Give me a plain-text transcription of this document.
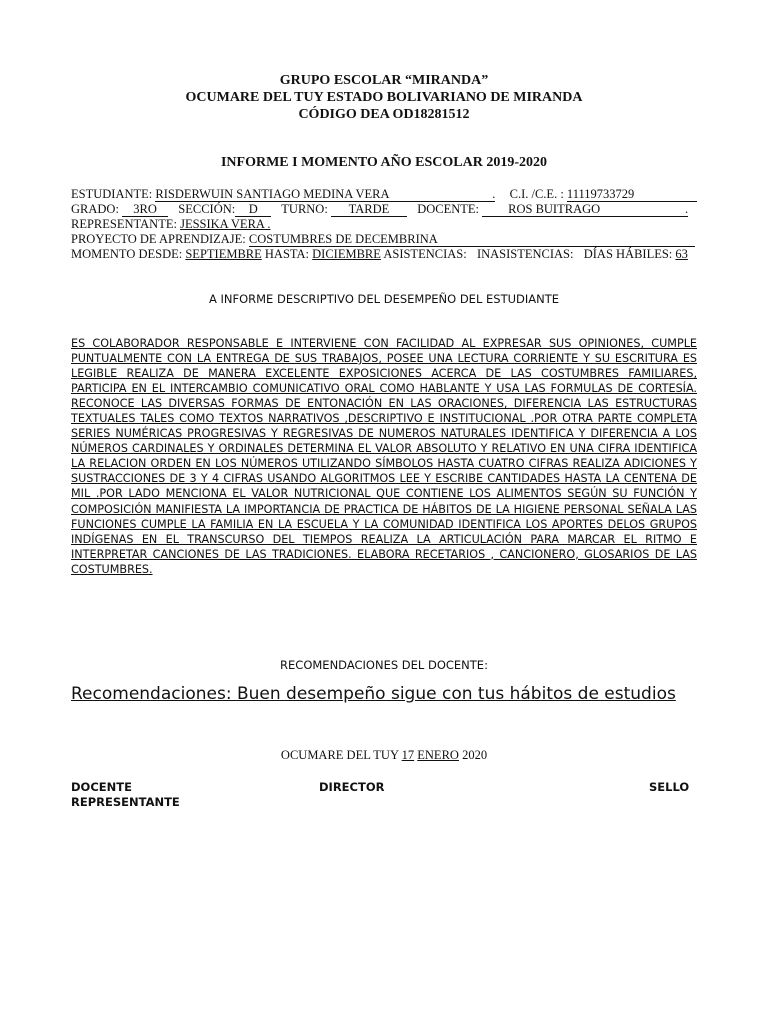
GRUPO ESCOLAR “MIRANDA”
OCUMARE DEL TUY ESTADO BOLIVARIANO DE MIRANDA
CÓDIGO DEA OD18281512
INFORME I MOMENTO AÑO ESCOLAR 2019-2020
ESTUDIANTE: RISDERWUIN SANTIAGO MEDINA VERA	. C.I. /C.E. : 11119733729
GRADO: 3RO SECCIÓN: D TURNO: TARDE DOCENTE: ROS BUITRAGO	.
REPRESENTANTE: JESSIKA VERA .
PROYECTO DE APRENDIZAJE: COSTUMBRES DE DECEMBRINA
MOMENTO DESDE: SEPTIEMBRE HASTA: DICIEMBRE ASISTENCIAS: INASISTENCIAS: DÍAS HÁBILES: 63
A INFORME DESCRIPTIVO DEL DESEMPEÑO DEL ESTUDIANTE
ES COLABORADOR RESPONSABLE E INTERVIENE CON FACILIDAD AL EXPRESAR SUS OPINIONES, CUMPLE PUNTUALMENTE CON LA ENTREGA DE SUS TRABAJOS, POSEE UNA LECTURA CORRIENTE Y SU ESCRITURA ES LEGIBLE REALIZA DE MANERA EXCELENTE EXPOSICIONES ACERCA DE LAS COSTUMBRES FAMILIARES, PARTICIPA EN EL INTERCAMBIO COMUNICATIVO ORAL COMO HABLANTE Y USA LAS FORMULAS DE CORTESÍA. RECONOCE LAS DIVERSAS FORMAS DE ENTONACIÓN EN LAS ORACIONES, DIFERENCIA LAS ESTRUCTURAS TEXTUALES TALES COMO TEXTOS NARRATIVOS ,DESCRIPTIVO E INSTITUCIONAL .POR OTRA PARTE COMPLETA SERIES NUMÉRICAS PROGRESIVAS Y REGRESIVAS DE NUMEROS NATURALES IDENTIFICA Y DIFERENCIA A LOS NÚMEROS CARDINALES Y ORDINALES DETERMINA EL VALOR ABSOLUTO Y RELATIVO EN UNA CIFRA IDENTIFICA LA RELACION ORDEN EN LOS NÚMEROS UTILIZANDO SÍMBOLOS HASTA CUATRO CIFRAS REALIZA ADICIONES Y SUSTRACCIONES DE 3 Y 4 CIFRAS USANDO ALGORITMOS LEE Y ESCRIBE CANTIDADES HASTA LA CENTENA DE MIL .POR LADO MENCIONA EL VALOR NUTRICIONAL QUE CONTIENE LOS ALIMENTOS SEGÚN SU FUNCIÓN Y COMPOSICIÓN MANIFIESTA LA IMPORTANCIA DE PRACTICA DE HÁBITOS DE LA HIGIENE PERSONAL SEÑALA LAS FUNCIONES CUMPLE LA FAMILIA EN LA ESCUELA Y LA COMUNIDAD IDENTIFICA LOS APORTES DELOS GRUPOS INDÍGENAS EN EL TRANSCURSO DEL TIEMPOS REALIZA LA ARTICULACIÓN PARA MARCAR EL RITMO E INTERPRETAR CANCIONES DE LAS TRADICIONES. ELABORA RECETARIOS , CANCIONERO, GLOSARIOS DE LAS COSTUMBRES.
RECOMENDACIONES DEL DOCENTE:
Recomendaciones: Buen desempeño sigue con tus hábitos de estudios
OCUMARE DEL TUY 17 ENERO 2020
DOCENTE	DIRECTOR	SELLO
REPRESENTANTE
